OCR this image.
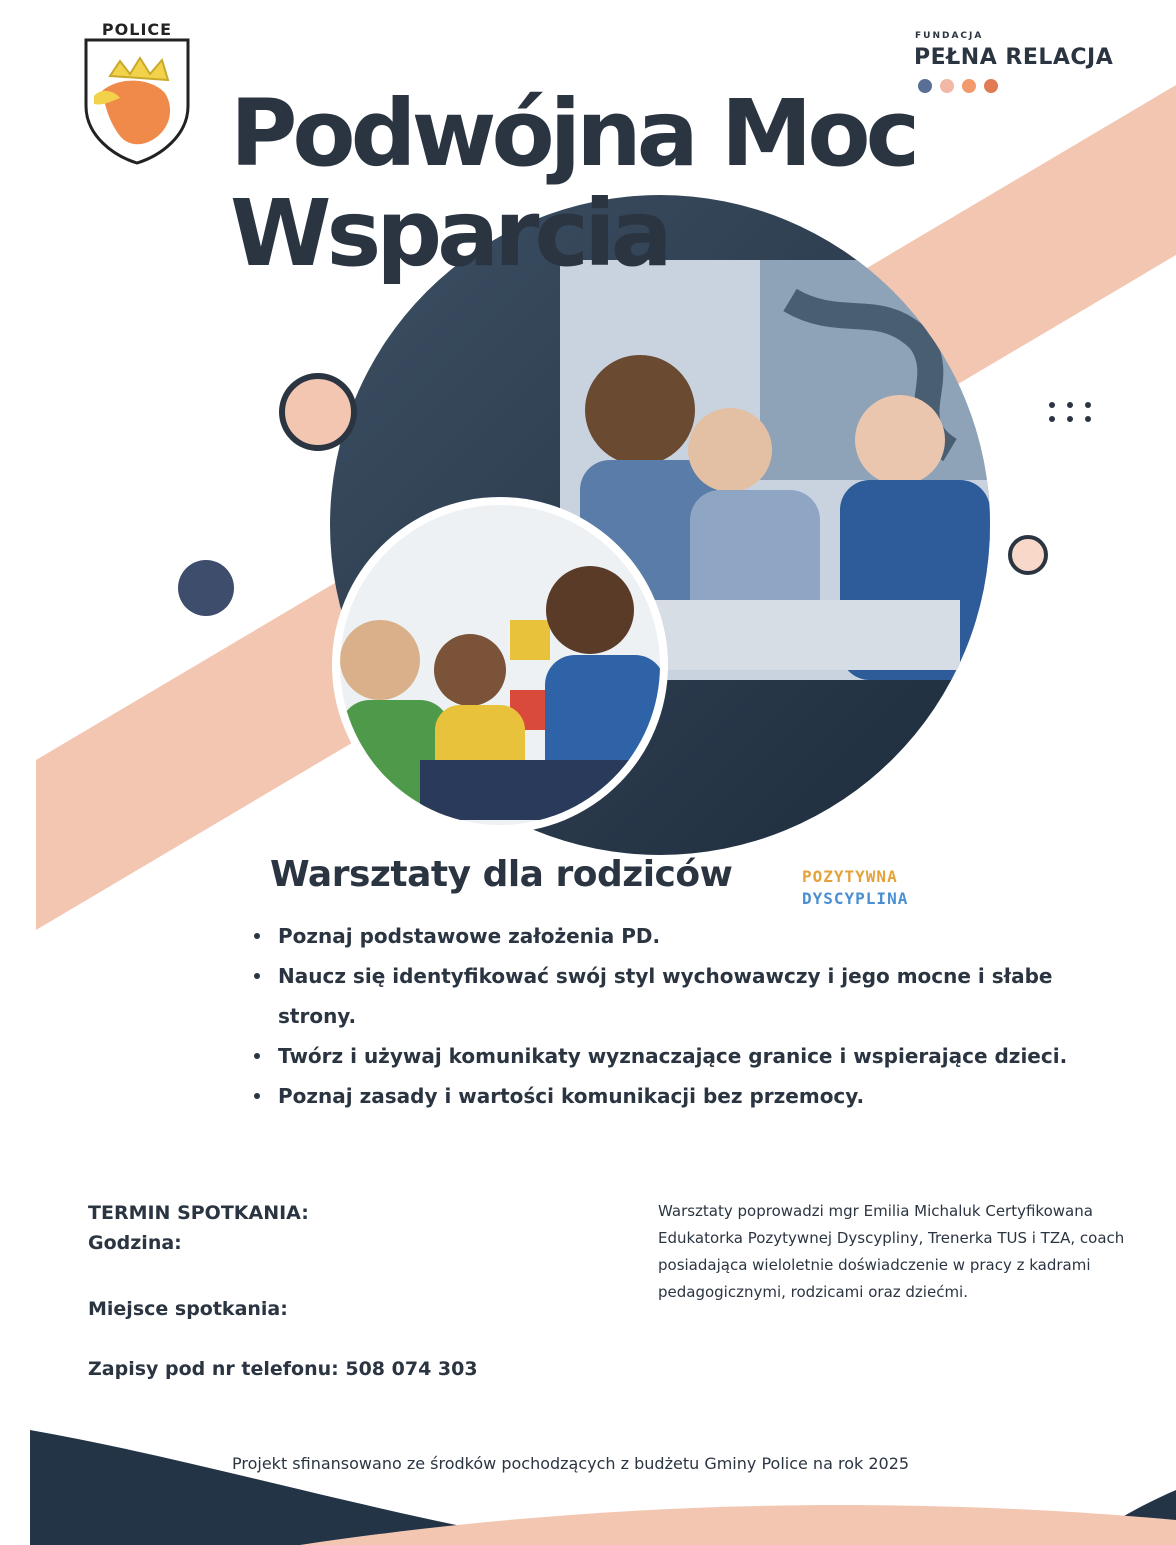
POLICE	FUNDACJA
PEŁNA RELACJA
Podwójna Moc
Wsparcia
Warsztaty dla rodziców	POZYTYWNA
DYSCYPLINA
Poznaj podstawowe założenia PD.
Naucz się identyfikować swój styl wychowawczy i jego mocne i słabe strony.
Twórz i używaj komunikaty wyznaczające granice i wspierające dzieci.
Poznaj zasady i wartości komunikacji bez przemocy.
TERMIN SPOTKANIA:
Godzina:
Miejsce spotkania:
Zapisy pod nr telefonu: 508 074 303
Warsztaty poprowadzi mgr Emilia Michaluk Certyfikowana Edukatorka Pozytywnej Dyscypliny, Trenerka TUS i TZA, coach posiadająca wieloletnie doświadczenie w pracy z kadrami pedagogicznymi, rodzicami oraz dziećmi.
Projekt sfinansowano ze środków pochodzących z budżetu Gminy Police na rok 2025
